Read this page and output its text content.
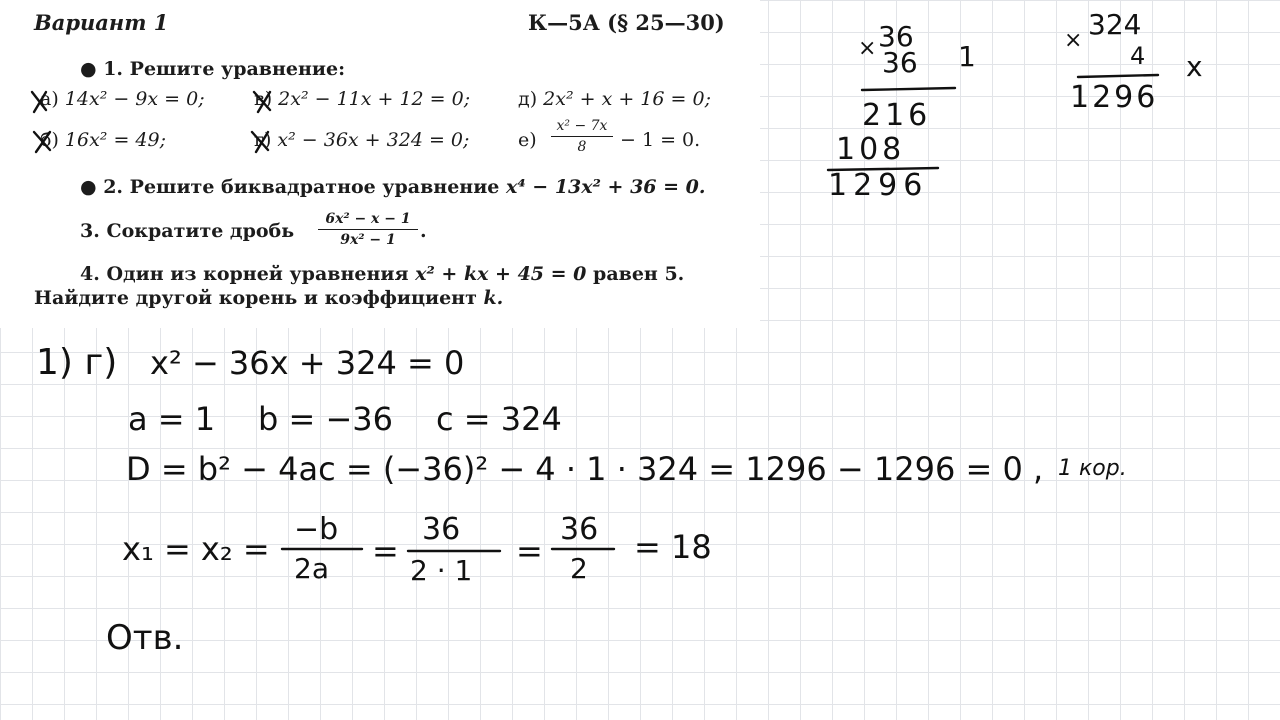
Вариант 1	К—5А (§ 25—30)
● 1. Решите уравнение:
а) 14x² − 9x = 0;	в) 2x² − 11x + 12 = 0;	д) 2x² + x + 16 = 0;
б) 16x² = 49;	г) x² − 36x + 324 = 0;	е)
x² − 7x
8	− 1 = 0.
● 2. Решите биквадратное уравнение x⁴ − 13x² + 36 = 0.
3. Сократите дробь
6x² − x − 1
9x² − 1	.
4. Один из корней уравнения x² + kx + 45 = 0 равен 5.
Найдите другой корень и коэффициент k.
× 36
36 1
216
108
1296
× 324
4 x
1296
1) г) x² − 36x + 324 = 0
a = 1 b = −36 c = 324
D = b² − 4ac = (−36)² − 4 · 1 · 324 = 1296 − 1296 = 0 , 1 кор.
x₁ = x₂ =
−b
2a =
36
2 · 1
=
36
2
= 18
Отв.
